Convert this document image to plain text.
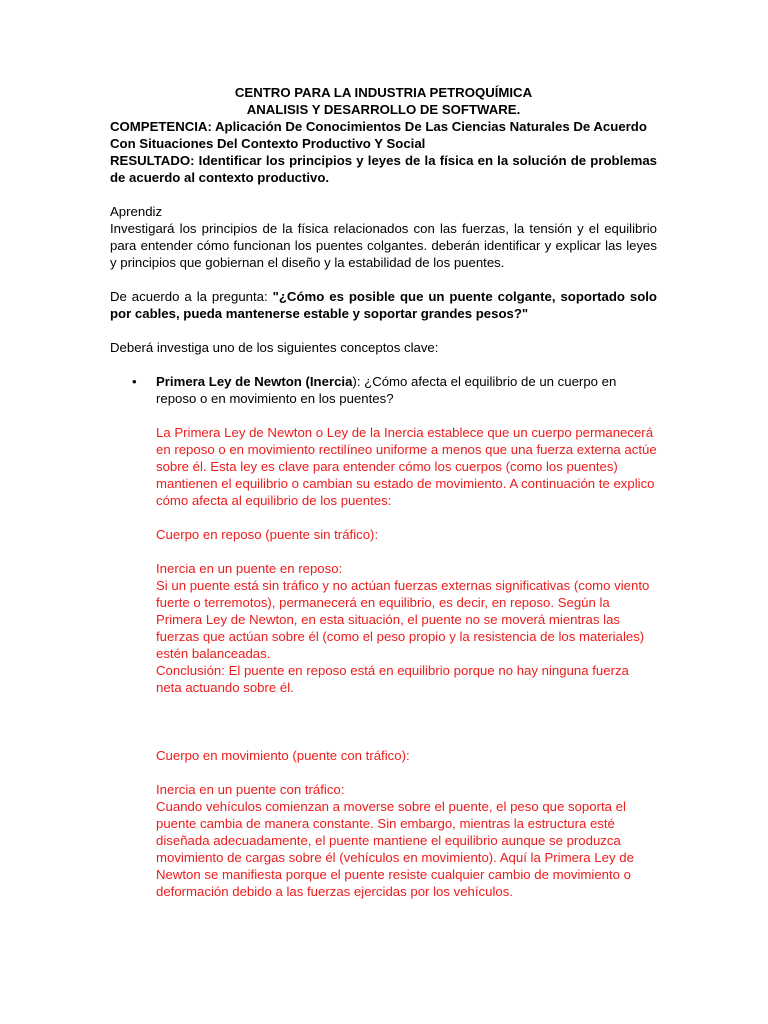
CENTRO PARA LA INDUSTRIA PETROQUÍMICA

ANALISIS Y DESARROLLO DE SOFTWARE.

COMPETENCIA: Aplicación De Conocimientos De Las Ciencias Naturales De Acuerdo Con Situaciones Del Contexto Productivo Y Social

RESULTADO: Identificar los principios y leyes de la física en la solución de problemas de acuerdo al contexto productivo.

Aprendiz

Investigará los principios de la física relacionados con las fuerzas, la tensión y el equilibrio para entender cómo funcionan los puentes colgantes. deberán identificar y explicar las leyes y principios que gobiernan el diseño y la estabilidad de los puentes.

De acuerdo a la pregunta: "¿Cómo es posible que un puente colgante, soportado solo por cables, pueda mantenerse estable y soportar grandes pesos?"

Deberá investiga uno de los siguientes conceptos clave:

• Primera Ley de Newton (Inercia): ¿Cómo afecta el equilibrio de un cuerpo en reposo o en movimiento en los puentes?

La Primera Ley de Newton o Ley de la Inercia establece que un cuerpo permanecerá en reposo o en movimiento rectilíneo uniforme a menos que una fuerza externa actúe sobre él. Esta ley es clave para entender cómo los cuerpos (como los puentes) mantienen el equilibrio o cambian su estado de movimiento. A continuación te explico cómo afecta al equilibrio de los puentes:

Cuerpo en reposo (puente sin tráfico):

Inercia en un puente en reposo:

Si un puente está sin tráfico y no actúan fuerzas externas significativas (como viento fuerte o terremotos), permanecerá en equilibrio, es decir, en reposo. Según la Primera Ley de Newton, en esta situación, el puente no se moverá mientras las fuerzas que actúan sobre él (como el peso propio y la resistencia de los materiales) estén balanceadas.

Conclusión: El puente en reposo está en equilibrio porque no hay ninguna fuerza neta actuando sobre él.

Cuerpo en movimiento (puente con tráfico):

Inercia en un puente con tráfico:

Cuando vehículos comienzan a moverse sobre el puente, el peso que soporta el puente cambia de manera constante. Sin embargo, mientras la estructura esté diseñada adecuadamente, el puente mantiene el equilibrio aunque se produzca movimiento de cargas sobre él (vehículos en movimiento). Aquí la Primera Ley de Newton se manifiesta porque el puente resiste cualquier cambio de movimiento o deformación debido a las fuerzas ejercidas por los vehículos.
